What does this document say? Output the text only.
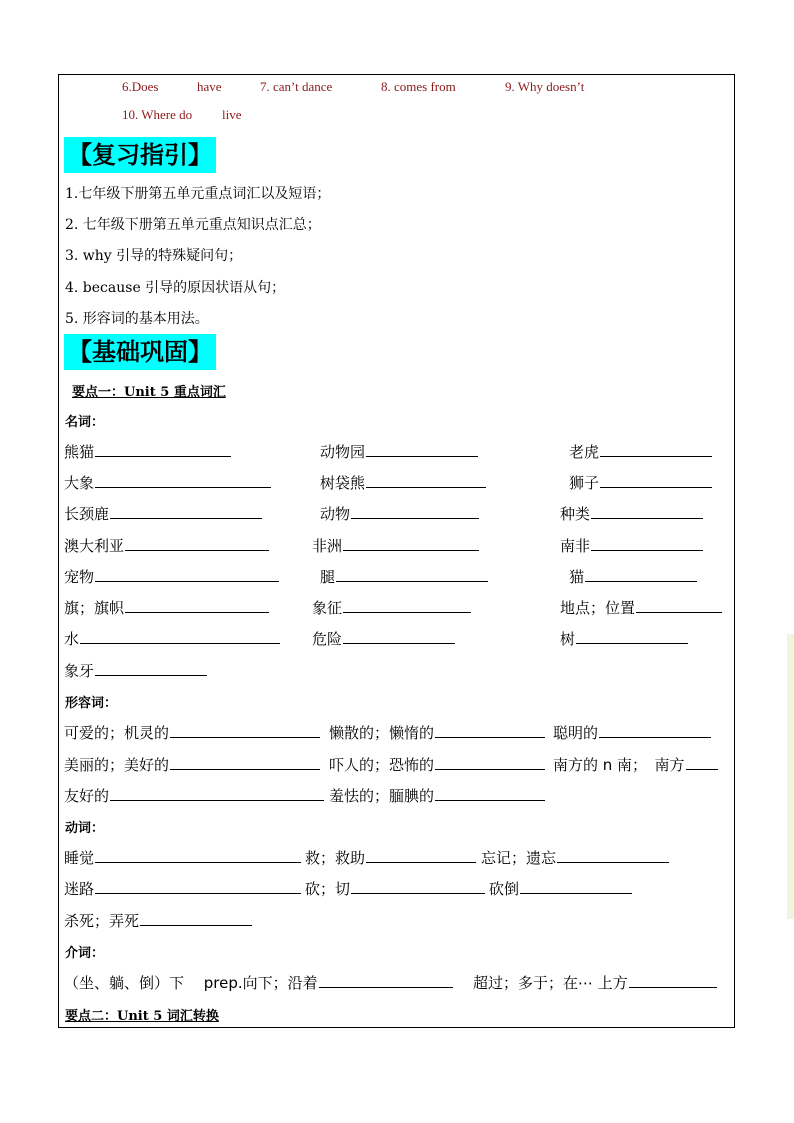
6.Does	have	7. can’t dance	8. comes from	9. Why doesn’t
10. Where do live
【复习指引】
1.七年级下册第五单元重点词汇以及短语；
2. 七年级下册第五单元重点知识点汇总；
3. why 引导的特殊疑问句；
4. because 引导的原因状语从句；
5. 形容词的基本用法。
【基础巩固】
要点一：Unit 5 重点词汇
名词：
熊猫	动物园	老虎
大象	树袋熊	狮子
长颈鹿	动物	种类
澳大利亚	非洲	南非
宠物	腿	猫
旗；旗帜	象征	地点；位置
水	危险	树
象牙
形容词：
可爱的；机灵的	懒散的；懒惰的	聪明的
美丽的；美好的	吓人的；恐怖的	南方的 n 南；　南方
友好的	羞怯的；腼腆的
动词：
睡觉	救；救助	忘记；遗忘
迷路	砍；切	砍倒
杀死；弄死
介词：
（坐、躺、倒）下　 prep.向下；沿着	超过；多于；在⋯ 上方
要点二：Unit 5 词汇转换
